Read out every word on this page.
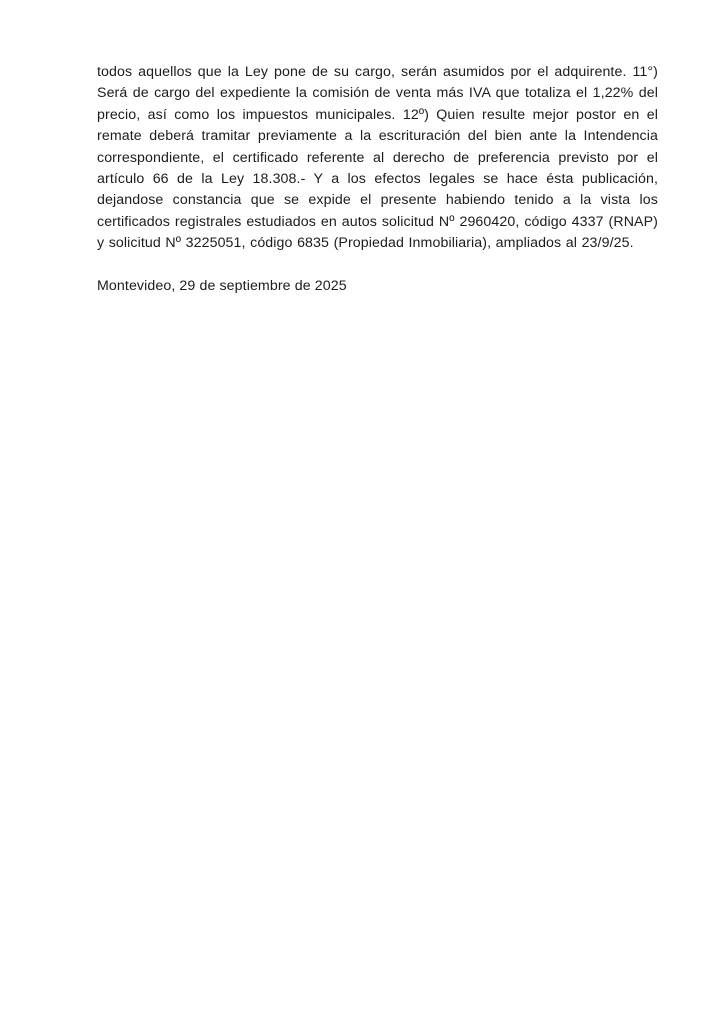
todos aquellos que la Ley pone de su cargo, serán asumidos por el adquirente. 11°) Será de cargo del expediente la comisión de venta más IVA que totaliza el 1,22% del precio, así como los impuestos municipales. 12º) Quien resulte mejor postor en el remate deberá tramitar previamente a la escrituración del bien ante la Intendencia correspondiente, el certificado referente al derecho de preferencia previsto por el artículo 66 de la Ley 18.308.- Y a los efectos legales se hace ésta publicación, dejandose constancia que se expide el presente habiendo tenido a la vista los certificados registrales estudiados en autos solicitud Nº 2960420, código 4337 (RNAP) y solicitud Nº 3225051, código 6835 (Propiedad Inmobiliaria), ampliados al 23/9/25.

Montevideo, 29 de septiembre de 2025
